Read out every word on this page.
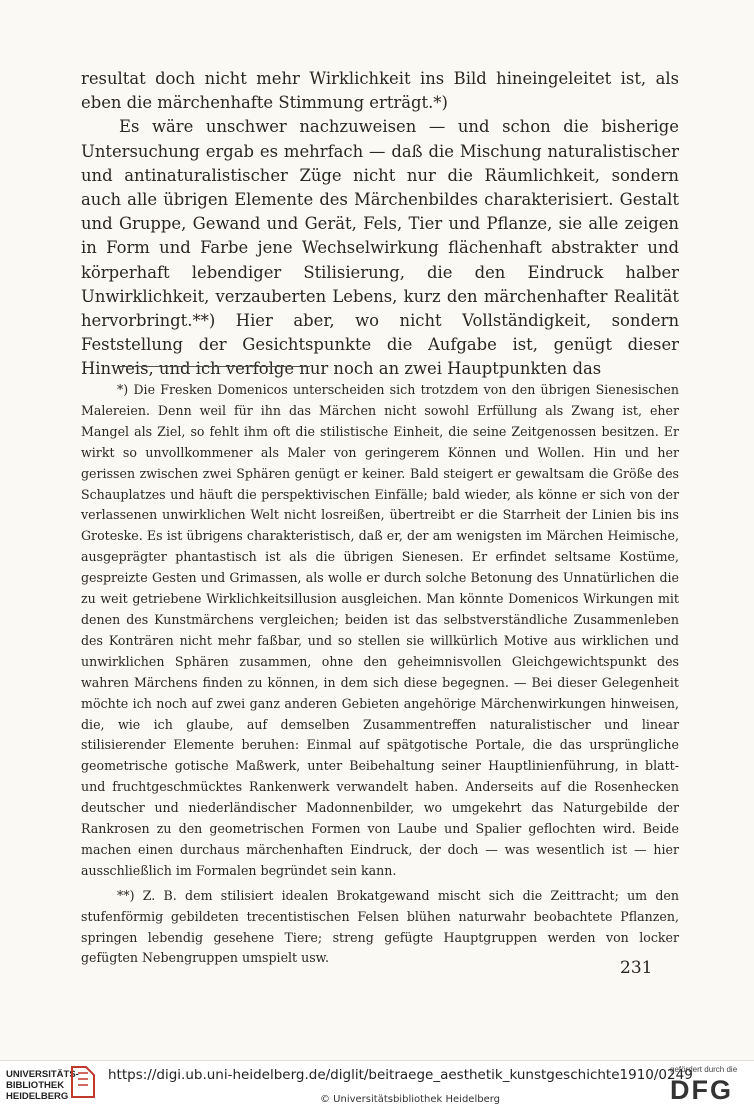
resultat doch nicht mehr Wirklichkeit ins Bild hineingeleitet ist, als eben die märchenhafte Stimmung erträgt.*)

Es wäre unschwer nachzuweisen — und schon die bisherige Untersuchung ergab es mehrfach — daß die Mischung naturalistischer und antinaturalistischer Züge nicht nur die Räumlichkeit, sondern auch alle übrigen Elemente des Märchenbildes charakterisiert. Gestalt und Gruppe, Gewand und Gerät, Fels, Tier und Pflanze, sie alle zeigen in Form und Farbe jene Wechselwirkung flächenhaft abstrakter und körperhaft lebendiger Stilisierung, die den Eindruck halber Unwirklichkeit, verzauberten Lebens, kurz den märchenhafter Realität hervorbringt.**) Hier aber, wo nicht Vollständigkeit, sondern Feststellung der Gesichtspunkte die Aufgabe ist, genügt dieser Hinweis, und ich verfolge nur noch an zwei Hauptpunkten das

*) Die Fresken Domenicos unterscheiden sich trotzdem von den übrigen Sienesischen Malereien. Denn weil für ihn das Märchen nicht sowohl Erfüllung als Zwang ist, eher Mangel als Ziel, so fehlt ihm oft die stilistische Einheit, die seine Zeitgenossen besitzen. Er wirkt so unvollkommener als Maler von geringerem Können und Wollen. Hin und her gerissen zwischen zwei Sphären genügt er keiner. Bald steigert er gewaltsam die Größe des Schauplatzes und häuft die perspektivischen Einfälle; bald wieder, als könne er sich von der verlassenen unwirklichen Welt nicht losreißen, übertreibt er die Starrheit der Linien bis ins Groteske. Es ist übrigens charakteristisch, daß er, der am wenigsten im Märchen Heimische, ausgeprägter phantastisch ist als die übrigen Sienesen. Er erfindet seltsame Kostüme, gespreizte Gesten und Grimassen, als wolle er durch solche Betonung des Unnatürlichen die zu weit getriebene Wirklichkeitsillusion ausgleichen. Man könnte Domenicos Wirkungen mit denen des Kunstmärchens vergleichen; beiden ist das selbstverständliche Zusammenleben des Konträren nicht mehr faßbar, und so stellen sie willkürlich Motive aus wirklichen und unwirklichen Sphären zusammen, ohne den geheimnisvollen Gleichgewichtspunkt des wahren Märchens finden zu können, in dem sich diese begegnen. — Bei dieser Gelegenheit möchte ich noch auf zwei ganz anderen Gebieten angehörige Märchenwirkungen hinweisen, die, wie ich glaube, auf demselben Zusammentreffen naturalistischer und linear stilisierender Elemente beruhen: Einmal auf spätgotische Portale, die das ursprüngliche geometrische gotische Maßwerk, unter Beibehaltung seiner Hauptlinienführung, in blatt- und fruchtgeschmücktes Rankenwerk verwandelt haben. Anderseits auf die Rosenhecken deutscher und niederländischer Madonnenbilder, wo umgekehrt das Naturgebilde der Rankrosen zu den geometrischen Formen von Laube und Spalier geflochten wird. Beide machen einen durchaus märchenhaften Eindruck, der doch — was wesentlich ist — hier ausschließlich im Formalen begründet sein kann.

**) Z. B. dem stilisiert idealen Brokatgewand mischt sich die Zeittracht; um den stufenförmig gebildeten trecentistischen Felsen blühen naturwahr beobachtete Pflanzen, springen lebendig gesehene Tiere; streng gefügte Hauptgruppen werden von locker gefügten Nebengruppen umspielt usw.

231
UNIVERSITÄTS-
BIBLIOTHEK
HEIDELBERG
https://digi.ub.uni-heidelberg.de/diglit/beitraege_aesthetik_kunstgeschichte1910/0249
© Universitätsbibliothek Heidelberg
gefördert durch die
DFG
